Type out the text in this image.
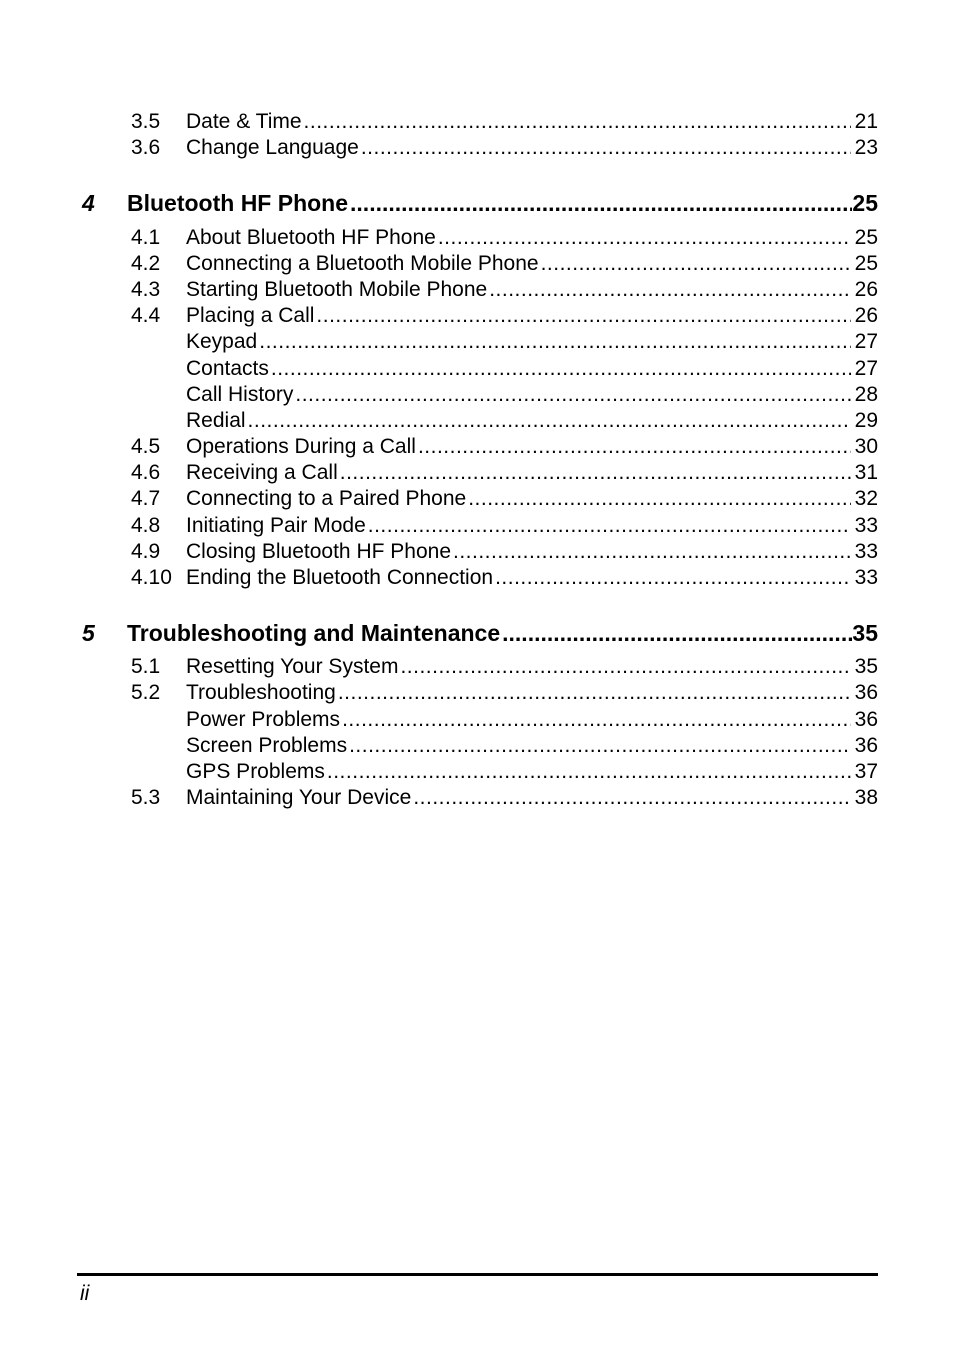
3.5 Date & Time .....	21
3.6 Change Language .....	23
4 Bluetooth HF Phone .....	25
4.1 About Bluetooth HF Phone .....	25
4.2 Connecting a Bluetooth Mobile Phone .....	25
4.3 Starting Bluetooth Mobile Phone .....	26
4.4 Placing a Call .....	26
Keypad .....	27
Contacts .....	27
Call History .....	28
Redial .....	29
4.5 Operations During a Call .....	30
4.6 Receiving a Call .....	31
4.7 Connecting to a Paired Phone .....	32
4.8 Initiating Pair Mode .....	33
4.9 Closing Bluetooth HF Phone .....	33
4.10 Ending the Bluetooth Connection .....	33
5 Troubleshooting and Maintenance .....	35
5.1 Resetting Your System .....	35
5.2 Troubleshooting .....	36
Power Problems .....	36
Screen Problems .....	36
GPS Problems .....	37
5.3 Maintaining Your Device .....	38
ii
